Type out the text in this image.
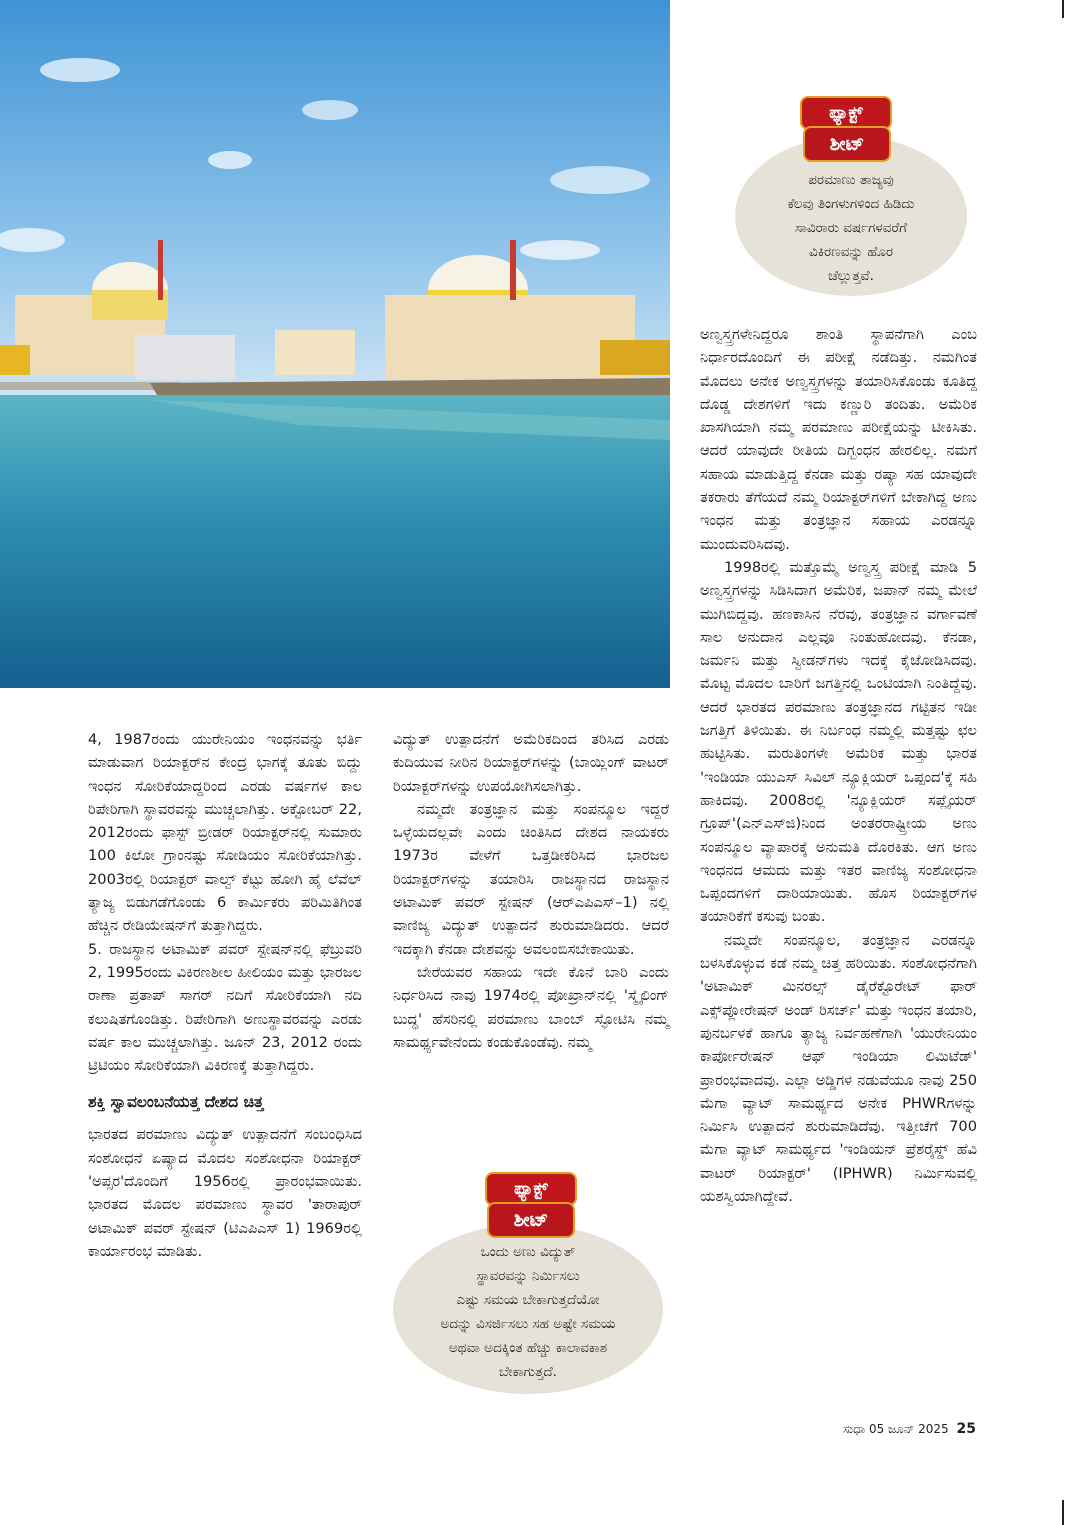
ಫ್ಯಾಕ್ಟ್
ಶೀಟ್
ಪರಮಾಣು ತಾಜ್ಯವು
ಕೆಲವು ತಿಂಗಳುಗಳಿಂದ ಹಿಡಿದು
ಸಾವಿರಾರು ವರ್ಷಗಳವರೆಗೆ
ವಿಕಿರಣವನ್ನು ಹೊರ
ಚೆಲ್ಲುತ್ತವೆ.

4, 1987ರಂದು ಯುರೇನಿಯಂ ಇಂಧನವನ್ನು ಭರ್ತಿ ಮಾಡುವಾಗ ರಿಯಾಕ್ಟರ್‌ನ ಕೇಂದ್ರ ಭಾಗಕ್ಕೆ ತೂತು ಬಿದ್ದು ಇಂಧನ ಸೋರಿಕೆಯಾದ್ದರಿಂದ ಎರಡು ವರ್ಷಗಳ ಕಾಲ ರಿಪೇರಿಗಾಗಿ ಸ್ಥಾವರವನ್ನು ಮುಚ್ಚಲಾಗಿತ್ತು. ಅಕ್ಟೋಬರ್ 22, 2012ರಂದು ಫಾಸ್ಟ್ ಬ್ರೀಡರ್ ರಿಯಾಕ್ಟರ್‌ನಲ್ಲಿ ಸುಮಾರು 100 ಕಿಲೋ ಗ್ರಾಂನಷ್ಟು ಸೋಡಿಯಂ ಸೋರಿಕೆಯಾಗಿತ್ತು. 2003ರಲ್ಲಿ ರಿಯಾಕ್ಟರ್ ವಾಲ್ವ್ ಕೆಟ್ಟು ಹೋಗಿ ಹೈ ಲೆವೆಲ್ ತ್ಯಾಜ್ಯ ಬಿಡುಗಡೆಗೊಂಡು 6 ಕಾರ್ಮಿಕರು ಪರಿಮಿತಿಗಿಂತ ಹೆಚ್ಚಿನ ರೇಡಿಯೇಷನ್‌ಗೆ ತುತ್ತಾಗಿದ್ದರು.

5. ರಾಜಸ್ಥಾನ ಅಟಾಮಿಕ್ ಪವರ್ ಸ್ಟೇಷನ್‌ನಲ್ಲಿ ಫೆಬ್ರುವರಿ 2, 1995ರಂದು ವಿಕಿರಣಶೀಲ ಹೀಲಿಯಂ ಮತ್ತು ಭಾರಜಲ ರಾಣಾ ಪ್ರತಾಪ್ ಸಾಗರ್ ನದಿಗೆ ಸೋರಿಕೆಯಾಗಿ ನದಿ ಕಲುಷಿತಗೊಂಡಿತ್ತು. ರಿಪೇರಿಗಾಗಿ ಅಣುಸ್ಥಾವರವನ್ನು ಎರಡು ವರ್ಷ ಕಾಲ ಮುಚ್ಚಲಾಗಿತ್ತು. ಜೂನ್ 23, 2012 ರಂದು ಟ್ರಿಟಿಯಂ ಸೋರಿಕೆಯಾಗಿ ವಿಕಿರಣಕ್ಕೆ ತುತ್ತಾಗಿದ್ದರು.

ಶಕ್ತಿ ಸ್ವಾವಲಂಬನೆಯತ್ತ ದೇಶದ ಚಿತ್ತ

ಭಾರತದ ಪರಮಾಣು ವಿದ್ಯುತ್ ಉತ್ಪಾದನೆಗೆ ಸಂಬಂಧಿಸಿದ ಸಂಶೋಧನೆ ಏಷ್ಯಾದ ಮೊದಲ ಸಂಶೋಧನಾ ರಿಯಾಕ್ಟರ್ 'ಅಪ್ಸರ'ದೊಂದಿಗೆ 1956ರಲ್ಲಿ ಪ್ರಾರಂಭವಾಯಿತು. ಭಾರತದ ಮೊದಲ ಪರಮಾಣು ಸ್ಥಾವರ 'ತಾರಾಪುರ್ ಅಟಾಮಿಕ್ ಪವರ್ ಸ್ಟೇಷನ್ (ಟಿಎಪಿಎಸ್ 1) 1969ರಲ್ಲಿ ಕಾರ್ಯಾರಂಭ ಮಾಡಿತು.

ವಿದ್ಯುತ್ ಉತ್ಪಾದನೆಗೆ ಅಮೆರಿಕದಿಂದ ತರಿಸಿದ ಎರಡು ಕುದಿಯುವ ನೀರಿನ ರಿಯಾಕ್ಟರ್‌ಗಳನ್ನು (ಬಾಯ್ಲಿಂಗ್ ವಾಟರ್ ರಿಯಾಕ್ಟರ್‌ಗಳನ್ನು ಉಪಯೋಗಿಸಲಾಗಿತ್ತು.

ನಮ್ಮದೇ ತಂತ್ರಜ್ಞಾನ ಮತ್ತು ಸಂಪನ್ಮೂಲ ಇದ್ದರೆ ಒಳ್ಳೆಯದಲ್ಲವೇ ಎಂದು ಚಿಂತಿಸಿದ ದೇಶದ ನಾಯಕರು 1973ರ ವೇಳೆಗೆ ಒತ್ತಡೀಕರಿಸಿದ ಭಾರಜಲ ರಿಯಾಕ್ಟರ್‌ಗಳನ್ನು ತಯಾರಿಸಿ ರಾಜಸ್ಥಾನದ ರಾಜಸ್ಥಾನ ಅಟಾಮಿಕ್ ಪವರ್ ಸ್ಟೇಷನ್ (ಆರ್‌ಎಪಿಎಸ್–1) ನಲ್ಲಿ ವಾಣಿಜ್ಯ ವಿದ್ಯುತ್ ಉತ್ಪಾದನೆ ಶುರುಮಾಡಿದರು. ಆದರೆ ಇದಕ್ಕಾಗಿ ಕೆನಡಾ ದೇಶವನ್ನು ಅವಲಂಬಿಸಬೇಕಾಯಿತು.

ಬೇರೆಯವರ ಸಹಾಯ ಇದೇ ಕೊನೆ ಬಾರಿ ಎಂದು ನಿರ್ಧರಿಸಿದ ನಾವು 1974ರಲ್ಲಿ ಪೋಖ್ರಾನ್‌ನಲ್ಲಿ 'ಸ್ಮೈಲಿಂಗ್ ಬುದ್ಧ' ಹೆಸರಿನಲ್ಲಿ ಪರಮಾಣು ಬಾಂಬ್ ಸ್ಫೋಟಿಸಿ ನಮ್ಮ ಸಾಮರ್ಥ್ಯವೇನೆಂದು ಕಂಡುಕೊಂಡೆವು. ನಮ್ಮ

ಫ್ಯಾಕ್ಟ್
ಶೀಟ್
ಒಂದು ಅಣು ವಿದ್ಯುತ್
ಸ್ಥಾವರವನ್ನು ನಿರ್ಮಿಸಲು
ಎಷ್ಟು ಸಮಯ ಬೇಕಾಗುತ್ತದೆಯೋ
ಅದನ್ನು ವಿಸರ್ಜಿಸಲು ಸಹ ಅಷ್ಟೇ ಸಮಯ
ಅಥವಾ ಅದಕ್ಕಿಂತ ಹೆಚ್ಚು ಕಾಲಾವಕಾಶ
ಬೇಕಾಗುತ್ತದೆ.

ಅಣ್ವಸ್ತ್ರಗಳೇನಿದ್ದರೂ ಶಾಂತಿ ಸ್ಥಾಪನೆಗಾಗಿ ಎಂಬ ನಿರ್ಧಾರದೊಂದಿಗೆ ಈ ಪರೀಕ್ಷೆ ನಡೆದಿತ್ತು. ನಮಗಿಂತ ಮೊದಲು ಅನೇಕ ಅಣ್ವಸ್ತ್ರಗಳನ್ನು ತಯಾರಿಸಿಕೊಂಡು ಕೂತಿದ್ದ ದೊಡ್ಡ ದೇಶಗಳಿಗೆ ಇದು ಕಣ್ಣುರಿ ತಂದಿತು. ಅಮೆರಿಕ ಖಾಸಗಿಯಾಗಿ ನಮ್ಮ ಪರಮಾಣು ಪರೀಕ್ಷೆಯನ್ನು ಟೀಕಿಸಿತು. ಆದರೆ ಯಾವುದೇ ರೀತಿಯ ದಿಗ್ಬಂಧನ ಹೇರಲಿಲ್ಲ. ನಮಗೆ ಸಹಾಯ ಮಾಡುತ್ತಿದ್ದ ಕೆನಡಾ ಮತ್ತು ರಷ್ಯಾ ಸಹ ಯಾವುದೇ ತಕರಾರು ತೆಗೆಯದೆ ನಮ್ಮ ರಿಯಾಕ್ಟರ್‌ಗಳಿಗೆ ಬೇಕಾಗಿದ್ದ ಅಣು ಇಂಧನ ಮತ್ತು ತಂತ್ರಜ್ಞಾನ ಸಹಾಯ ಎರಡನ್ನೂ ಮುಂದುವರಿಸಿದವು.

1998ರಲ್ಲಿ ಮತ್ತೊಮ್ಮೆ ಅಣ್ವಸ್ತ್ರ ಪರೀಕ್ಷೆ ಮಾಡಿ 5 ಅಣ್ವಸ್ತ್ರಗಳನ್ನು ಸಿಡಿಸಿದಾಗ ಅಮೆರಿಕ, ಜಪಾನ್ ನಮ್ಮ ಮೇಲೆ ಮುಗಿಬಿದ್ದವು. ಹಣಕಾಸಿನ ನೆರವು, ತಂತ್ರಜ್ಞಾನ ವರ್ಗಾವಣೆ ಸಾಲ ಅನುದಾನ ಎಲ್ಲವೂ ನಿಂತುಹೋದವು. ಕೆನಡಾ, ಜರ್ಮನಿ ಮತ್ತು ಸ್ವೀಡನ್‌ಗಳು ಇದಕ್ಕೆ ಕೈಜೋಡಿಸಿದವು. ಮೊಟ್ಟ ಮೊದಲ ಬಾರಿಗೆ ಜಗತ್ತಿನಲ್ಲಿ ಒಂಟಿಯಾಗಿ ನಿಂತಿದ್ದೆವು. ಆದರೆ ಭಾರತದ ಪರಮಾಣು ತಂತ್ರಜ್ಞಾನದ ಗಟ್ಟಿತನ ಇಡೀ ಜಗತ್ತಿಗೆ ತಿಳಿಯಿತು. ಈ ನಿರ್ಬಂಧ ನಮ್ಮಲ್ಲಿ ಮತ್ತಷ್ಟು ಛಲ ಹುಟ್ಟಿಸಿತು. ಮರುತಿಂಗಳೇ ಅಮೆರಿಕ ಮತ್ತು ಭಾರತ 'ಇಂಡಿಯಾ ಯುಎಸ್ ಸಿವಿಲ್ ನ್ಯೂಕ್ಲಿಯರ್ ಒಪ್ಪಂದ'ಕ್ಕೆ ಸಹಿ ಹಾಕಿದವು. 2008ರಲ್ಲಿ 'ನ್ಯೂಕ್ಲಿಯರ್ ಸಪ್ಲೈಯರ್ ಗ್ರೂಪ್'(ಎನ್‌ಎಸ್‌ಜಿ)ನಿಂದ ಅಂತರರಾಷ್ಟ್ರೀಯ ಅಣು ಸಂಪನ್ಮೂಲ ವ್ಯಾಪಾರಕ್ಕೆ ಅನುಮತಿ ದೊರಕಿತು. ಆಗ ಅಣು ಇಂಧನದ ಆಮದು ಮತ್ತು ಇತರ ವಾಣಿಜ್ಯ ಸಂಶೋಧನಾ ಒಪ್ಪಂದಗಳಿಗೆ ದಾರಿಯಾಯಿತು. ಹೊಸ ರಿಯಾಕ್ಟರ್‌ಗಳ ತಯಾರಿಕೆಗೆ ಕಸುವು ಬಂತು.

ನಮ್ಮದೇ ಸಂಪನ್ಮೂಲ, ತಂತ್ರಜ್ಞಾನ ಎರಡನ್ನೂ ಬಳಸಿಕೊಳ್ಳುವ ಕಡೆ ನಮ್ಮ ಚಿತ್ತ ಹರಿಯಿತು. ಸಂಶೋಧನೆಗಾಗಿ 'ಅಟಾಮಿಕ್ ಮಿನರಲ್ಸ್ ಡೈರೆಕ್ಟೊರೇಟ್ ಫಾರ್ ಎಕ್ಸ್‌ಪ್ಲೋರೇಷನ್ ಅಂಡ್ ರಿಸರ್ಚ್' ಮತ್ತು ಇಂಧನ ತಯಾರಿ, ಪುನರ್ಬಳಕೆ ಹಾಗೂ ತ್ಯಾಜ್ಯ ನಿರ್ವಹಣೆಗಾಗಿ 'ಯುರೇನಿಯಂ ಕಾರ್ಪೋರೇಷನ್ ಆಫ್ ಇಂಡಿಯಾ ಲಿಮಿಟೆಡ್' ಪ್ರಾರಂಭವಾದವು. ಎಲ್ಲಾ ಅಡ್ಡಿಗಳ ನಡುವೆಯೂ ನಾವು 250 ಮೆಗಾ ವ್ಯಾಟ್ ಸಾಮರ್ಥ್ಯದ ಅನೇಕ PHWRಗಳನ್ನು ನಿರ್ಮಿಸಿ ಉತ್ಪಾದನೆ ಶುರುಮಾಡಿದೆವು. ಇತ್ತೀಚೆಗೆ 700 ಮೆಗಾ ವ್ಯಾಟ್ ಸಾಮರ್ಥ್ಯದ 'ಇಂಡಿಯನ್ ಪ್ರೆಶರೈಸ್ಡ್ ಹೆವಿ ವಾಟರ್ ರಿಯಾಕ್ಟರ್' (IPHWR) ನಿರ್ಮಿಸುವಲ್ಲಿ ಯಶಸ್ವಿಯಾಗಿದ್ದೇವೆ.

ಸುಧಾ 05 ಜೂನ್ 2025 25
